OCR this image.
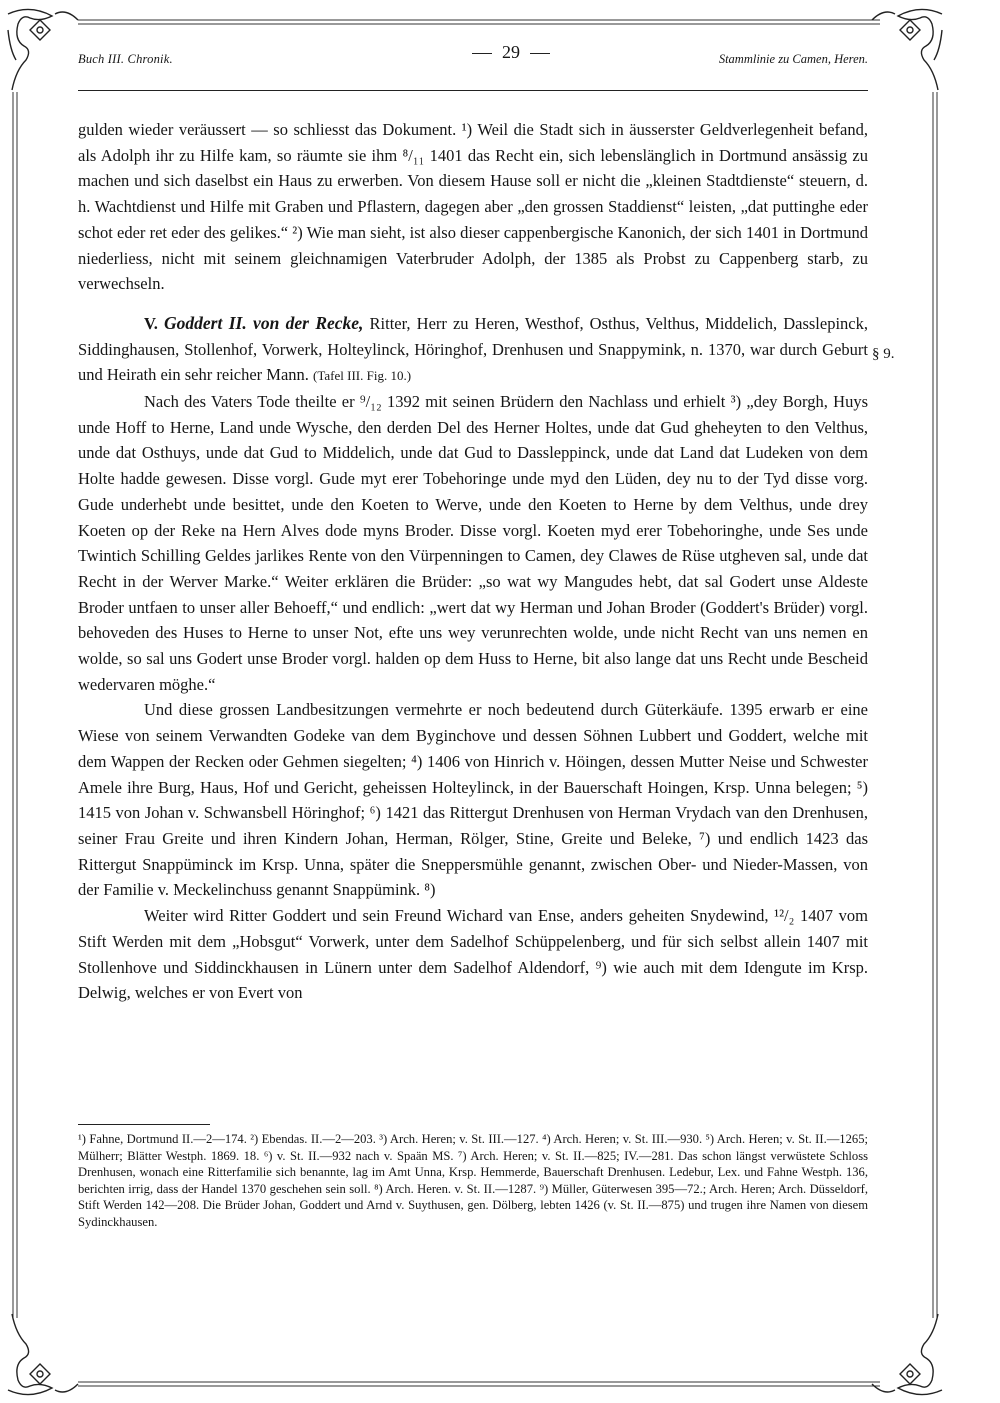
Buch III. Chronik.	29	Stammlinie zu Camen, Heren.

gulden wieder veräussert — so schliesst das Dokument. ¹) Weil die Stadt sich in äusserster Geldverlegenheit befand, als Adolph ihr zu Hilfe kam, so räumte sie ihm ⁸/₁₁ 1401 das Recht ein, sich lebenslänglich in Dortmund ansässig zu machen und sich daselbst ein Haus zu erwerben. Von diesem Hause soll er nicht die „kleinen Stadtdienste“ steuern, d. h. Wachtdienst und Hilfe mit Graben und Pflastern, dagegen aber „den grossen Staddienst“ leisten, „dat puttinghe eder schot eder ret eder des gelikes.“ ²) Wie man sieht, ist also dieser cappenbergische Kanonich, der sich 1401 in Dortmund niederliess, nicht mit seinem gleichnamigen Vaterbruder Adolph, der 1385 als Probst zu Cappenberg starb, zu verwechseln.

V. Goddert II. von der Recke, Ritter, Herr zu Heren, Westhof, Osthus, Velthus, Middelich, Dasslepinck, Siddinghausen, Stollenhof, Vorwerk, Holteylinck, Höringhof, Drenhusen und Snappymink, n. 1370, war durch Geburt und Heirath ein sehr reicher Mann. (Tafel III. Fig. 10.)

Nach des Vaters Tode theilte er ⁹/₁₂ 1392 mit seinen Brüdern den Nachlass und erhielt ³) „dey Borgh, Huys unde Hoff to Herne, Land unde Wysche, den derden Del des Herner Holtes, unde dat Gud gheheyten to den Velthus, unde dat Osthuys, unde dat Gud to Middelich, unde dat Gud to Dassleppinck, unde dat Land dat Ludeken von dem Holte hadde gewesen. Disse vorgl. Gude myt erer Tobehoringe unde myd den Lüden, dey nu to der Tyd disse vorg. Gude underhebt unde besittet, unde den Koeten to Werve, unde den Koeten to Herne by dem Velthus, unde drey Koeten op der Reke na Hern Alves dode myns Broder. Disse vorgl. Koeten myd erer Tobehoringhe, unde Ses unde Twintich Schilling Geldes jarlikes Rente von den Vürpenningen to Camen, dey Clawes de Rüse utgheven sal, unde dat Recht in der Werver Marke.“ Weiter erklären die Brüder: „so wat wy Mangudes hebt, dat sal Godert unse Aldeste Broder untfaen to unser aller Behoeff,“ und endlich: „wert dat wy Herman und Johan Broder (Goddert's Brüder) vorgl. behoveden des Huses to Herne to unser Not, efte uns wey verunrechten wolde, unde nicht Recht van uns nemen en wolde, so sal uns Godert unse Broder vorgl. halden op dem Huss to Herne, bit also lange dat uns Recht unde Bescheid wedervaren möghe.“

Und diese grossen Landbesitzungen vermehrte er noch bedeutend durch Güterkäufe. 1395 erwarb er eine Wiese von seinem Verwandten Godeke van dem Byginchove und dessen Söhnen Lubbert und Goddert, welche mit dem Wappen der Recken oder Gehmen siegelten; ⁴) 1406 von Hinrich v. Höingen, dessen Mutter Neise und Schwester Amele ihre Burg, Haus, Hof und Gericht, geheissen Holteylinck, in der Bauerschaft Hoingen, Krsp. Unna belegen; ⁵) 1415 von Johan v. Schwansbell Höringhof; ⁶) 1421 das Rittergut Drenhusen von Herman Vrydach van den Drenhusen, seiner Frau Greite und ihren Kindern Johan, Herman, Rölger, Stine, Greite und Beleke, ⁷) und endlich 1423 das Rittergut Snappüminck im Krsp. Unna, später die Sneppersmühle genannt, zwischen Ober- und Nieder-Massen, von der Familie v. Meckelinchuss genannt Snappümink. ⁸)

Weiter wird Ritter Goddert und sein Freund Wichard van Ense, anders geheiten Snydewind, ¹²/₂ 1407 vom Stift Werden mit dem „Hobsgut“ Vorwerk, unter dem Sadelhof Schüppelenberg, und für sich selbst allein 1407 mit Stollenhove und Siddinckhausen in Lünern unter dem Sadelhof Aldendorf, ⁹) wie auch mit dem Idengute im Krsp. Delwig, welches er von Evert von

§ 9.

¹) Fahne, Dortmund II.—2—174. ²) Ebendas. II.—2—203. ³) Arch. Heren; v. St. III.—127. ⁴) Arch. Heren; v. St. III.—930. ⁵) Arch. Heren; v. St. II.—1265; Mülherr; Blätter Westph. 1869. 18. ⁶) v. St. II.—932 nach v. Spaän MS. ⁷) Arch. Heren; v. St. II.—825; IV.—281. Das schon längst verwüstete Schloss Drenhusen, wonach eine Ritterfamilie sich benannte, lag im Amt Unna, Krsp. Hemmerde, Bauerschaft Drenhusen. Ledebur, Lex. und Fahne Westph. 136, berichten irrig, dass der Handel 1370 geschehen sein soll. ⁸) Arch. Heren. v. St. II.—1287. ⁹) Müller, Güterwesen 395—72.; Arch. Heren; Arch. Düsseldorf, Stift Werden 142—208. Die Brüder Johan, Goddert und Arnd v. Suythusen, gen. Dölberg, lebten 1426 (v. St. II.—875) und trugen ihre Namen von diesem Sydinckhausen.
